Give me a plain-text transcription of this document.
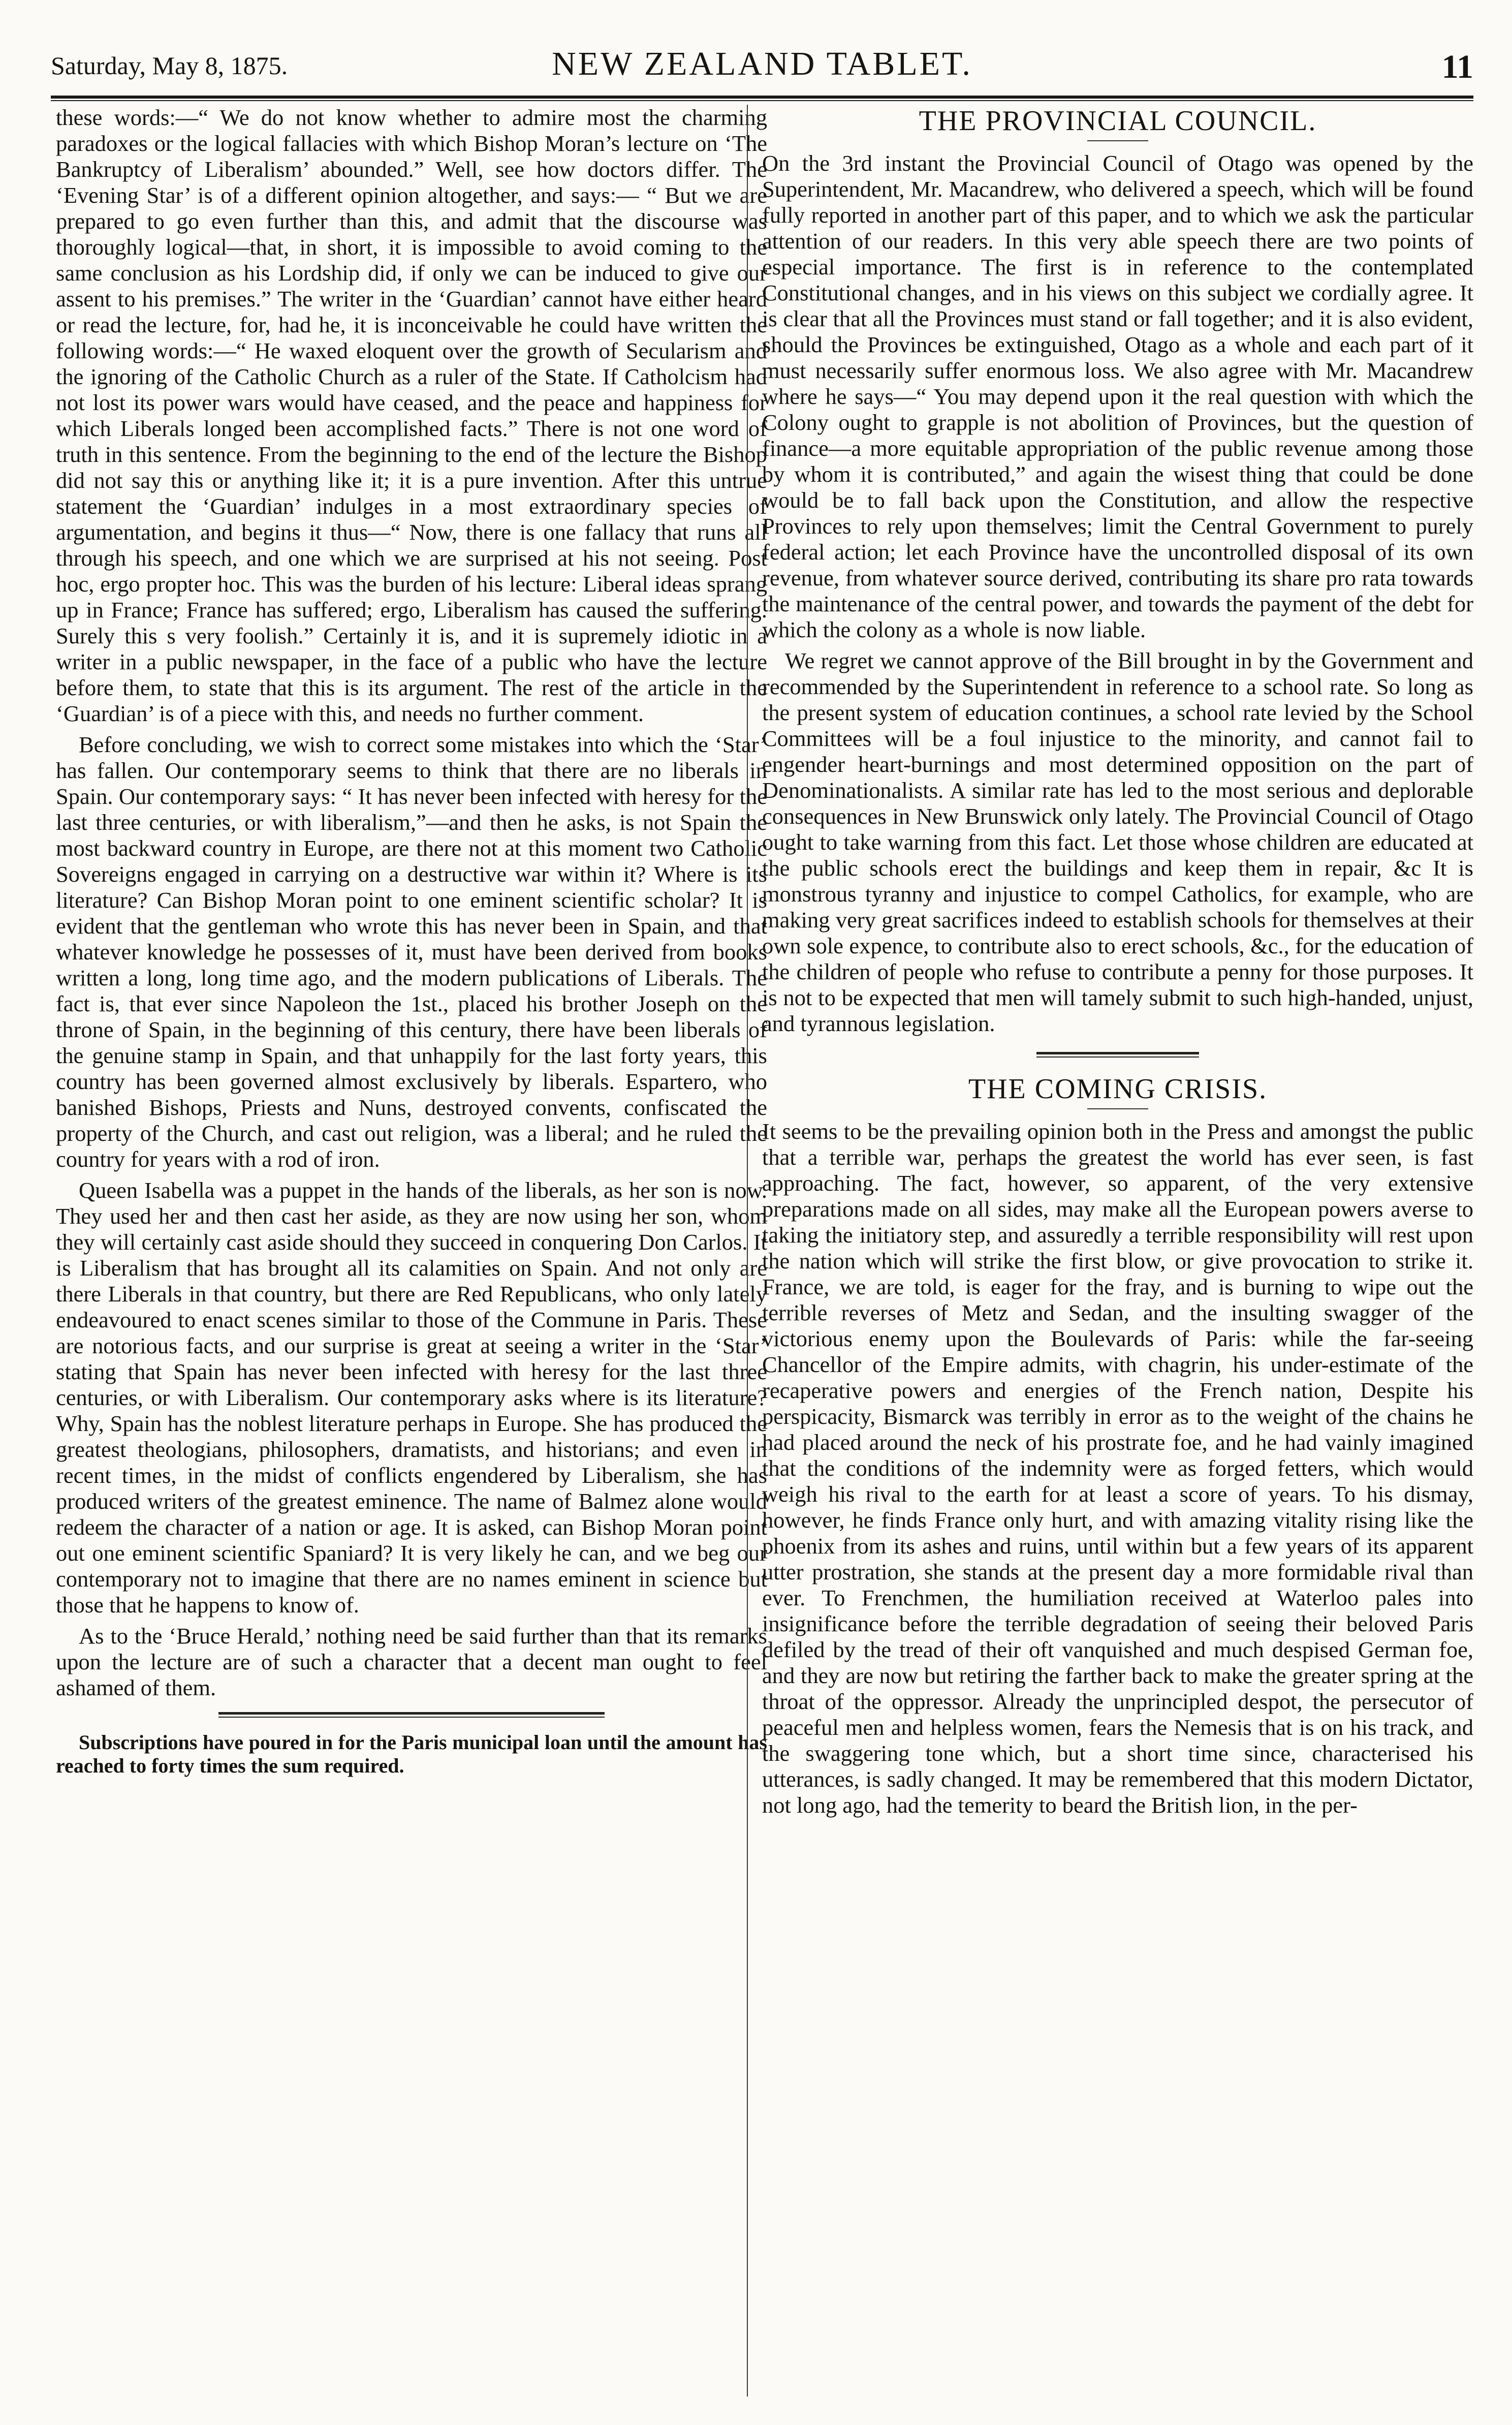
Saturday, May 8, 1875.	NEW ZEALAND TABLET.	11

these words:—“ We do not know whether to admire most the charming paradoxes or the logical fallacies with which Bishop Moran’s lecture on ‘The Bankruptcy of Liberalism’ abounded.” Well, see how doctors differ. The ‘Evening Star’ is of a different opinion altogether, and says:— “ But we are prepared to go even further than this, and admit that the discourse was thoroughly logical—that, in short, it is impossible to avoid coming to the same conclusion as his Lordship did, if only we can be induced to give our assent to his premises.” The writer in the ‘Guardian’ cannot have either heard or read the lecture, for, had he, it is inconceivable he could have written the following words:—“ He waxed eloquent over the growth of Secularism and the ignoring of the Catholic Church as a ruler of the State. If Catholcism had not lost its power wars would have ceased, and the peace and happiness for which Liberals longed been accomplished facts.” There is not one word of truth in this sentence. From the beginning to the end of the lecture the Bishop did not say this or anything like it; it is a pure invention. After this untrue statement the ‘Guardian’ indulges in a most extraordinary species of argumentation, and begins it thus—“ Now, there is one fallacy that runs all through his speech, and one which we are surprised at his not seeing. Post hoc, ergo propter hoc. This was the burden of his lecture: Liberal ideas sprang up in France; France has suffered; ergo, Liberalism has caused the suffering. Surely this s very foolish.” Certainly it is, and it is supremely idiotic in a writer in a public newspaper, in the face of a public who have the lecture before them, to state that this is its argument. The rest of the article in the ‘Guardian’ is of a piece with this, and needs no further comment.

Before concluding, we wish to correct some mistakes into which the ‘Star’ has fallen. Our contemporary seems to think that there are no liberals in Spain. Our contemporary says: “ It has never been infected with heresy for the last three centuries, or with liberalism,”—and then he asks, is not Spain the most backward country in Europe, are there not at this moment two Catholic Sovereigns engaged in carrying on a destructive war within it? Where is its literature? Can Bishop Moran point to one eminent scientific scholar? It is evident that the gentleman who wrote this has never been in Spain, and that whatever knowledge he possesses of it, must have been derived from books written a long, long time ago, and the modern publications of Liberals. The fact is, that ever since Napoleon the 1st., placed his brother Joseph on the throne of Spain, in the beginning of this century, there have been liberals of the genuine stamp in Spain, and that unhappily for the last forty years, this country has been governed almost exclusively by liberals. Espartero, who banished Bishops, Priests and Nuns, destroyed convents, confiscated the property of the Church, and cast out religion, was a liberal; and he ruled the country for years with a rod of iron.

Queen Isabella was a puppet in the hands of the liberals, as her son is now. They used her and then cast her aside, as they are now using her son, whom they will certainly cast aside should they succeed in conquering Don Carlos. It is Liberalism that has brought all its calamities on Spain. And not only are there Liberals in that country, but there are Red Republicans, who only lately endeavoured to enact scenes similar to those of the Commune in Paris. These are notorious facts, and our surprise is great at seeing a writer in the ‘Star’ stating that Spain has never been infected with heresy for the last three centuries, or with Liberalism. Our contemporary asks where is its literature? Why, Spain has the noblest literature perhaps in Europe. She has produced the greatest theologians, philosophers, dramatists, and historians; and even in recent times, in the midst of conflicts engendered by Liberalism, she has produced writers of the greatest eminence. The name of Balmez alone would redeem the character of a nation or age. It is asked, can Bishop Moran point out one eminent scientific Spaniard? It is very likely he can, and we beg our contemporary not to imagine that there are no names eminent in science but those that he happens to know of.

As to the ‘Bruce Herald,’ nothing need be said further than that its remarks upon the lecture are of such a character that a decent man ought to feel ashamed of them.

Subscriptions have poured in for the Paris municipal loan until the amount has reached to forty times the sum required.

THE PROVINCIAL COUNCIL.

On the 3rd instant the Provincial Council of Otago was opened by the Superintendent, Mr. Macandrew, who delivered a speech, which will be found fully reported in another part of this paper, and to which we ask the particular attention of our readers. In this very able speech there are two points of especial importance. The first is in reference to the contemplated Constitutional changes, and in his views on this subject we cordially agree. It is clear that all the Provinces must stand or fall together; and it is also evident, should the Provinces be extinguished, Otago as a whole and each part of it must necessarily suffer enormous loss. We also agree with Mr. Macandrew where he says—“ You may depend upon it the real question with which the Colony ought to grapple is not abolition of Provinces, but the question of finance—a more equitable appropriation of the public revenue among those by whom it is contributed,” and again the wisest thing that could be done would be to fall back upon the Constitution, and allow the respective Provinces to rely upon themselves; limit the Central Government to purely federal action; let each Province have the uncontrolled disposal of its own revenue, from whatever source derived, contributing its share pro rata towards the maintenance of the central power, and towards the payment of the debt for which the colony as a whole is now liable.

We regret we cannot approve of the Bill brought in by the Government and recommended by the Superintendent in reference to a school rate. So long as the present system of education continues, a school rate levied by the School Committees will be a foul injustice to the minority, and cannot fail to engender heart-burnings and most determined opposition on the part of Denominationalists. A similar rate has led to the most serious and deplorable consequences in New Brunswick only lately. The Provincial Council of Otago ought to take warning from this fact. Let those whose children are educated at the public schools erect the buildings and keep them in repair, &c It is monstrous tyranny and injustice to compel Catholics, for example, who are making very great sacrifices indeed to establish schools for themselves at their own sole expence, to contribute also to erect schools, &c., for the education of the children of people who refuse to contribute a penny for those purposes. It is not to be expected that men will tamely submit to such high-handed, unjust, and tyrannous legislation.

THE COMING CRISIS.

It seems to be the prevailing opinion both in the Press and amongst the public that a terrible war, perhaps the greatest the world has ever seen, is fast approaching. The fact, however, so apparent, of the very extensive preparations made on all sides, may make all the European powers averse to taking the initiatory step, and assuredly a terrible responsibility will rest upon the nation which will strike the first blow, or give provocation to strike it. France, we are told, is eager for the fray, and is burning to wipe out the terrible reverses of Metz and Sedan, and the insulting swagger of the victorious enemy upon the Boulevards of Paris: while the far-seeing Chancellor of the Empire admits, with chagrin, his under-estimate of the recaperative powers and energies of the French nation, Despite his perspicacity, Bismarck was terribly in error as to the weight of the chains he had placed around the neck of his prostrate foe, and he had vainly imagined that the conditions of the indemnity were as forged fetters, which would weigh his rival to the earth for at least a score of years. To his dismay, however, he finds France only hurt, and with amazing vitality rising like the phoenix from its ashes and ruins, until within but a few years of its apparent utter prostration, she stands at the present day a more formidable rival than ever. To Frenchmen, the humiliation received at Waterloo pales into insignificance before the terrible degradation of seeing their beloved Paris defiled by the tread of their oft vanquished and much despised German foe, and they are now but retiring the farther back to make the greater spring at the throat of the oppressor. Already the unprincipled despot, the persecutor of peaceful men and helpless women, fears the Nemesis that is on his track, and the swaggering tone which, but a short time since, characterised his utterances, is sadly changed. It may be remembered that this modern Dictator, not long ago, had the temerity to beard the British lion, in the per-
